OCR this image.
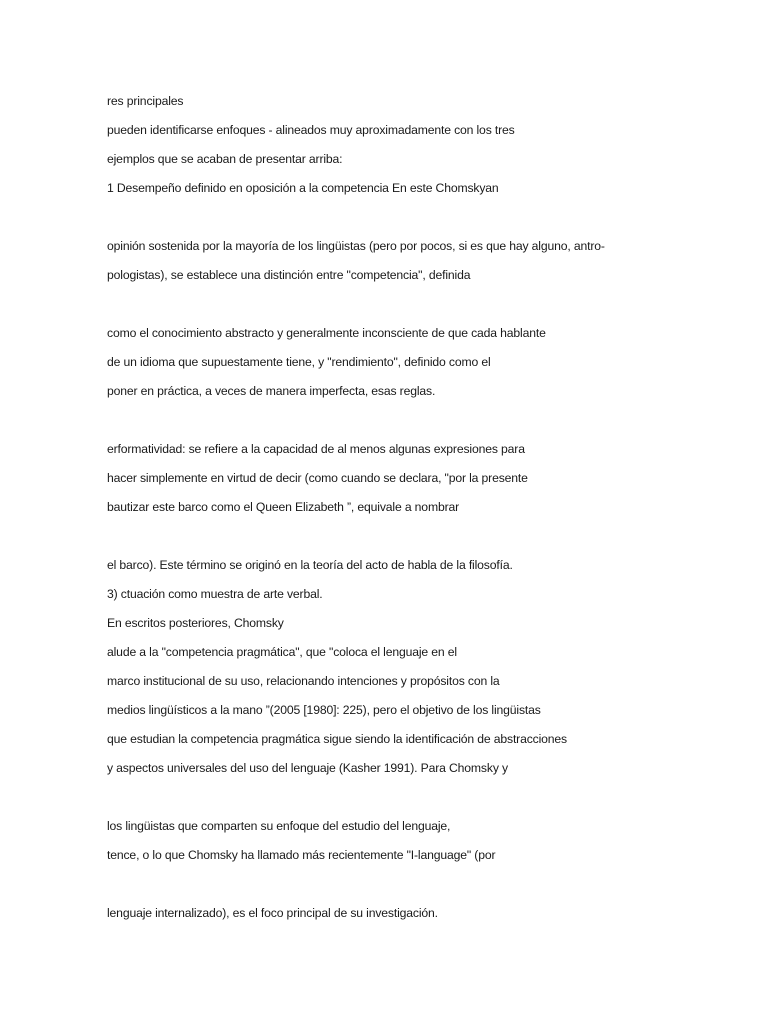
res principales

pueden identificarse enfoques - alineados muy aproximadamente con los tres

ejemplos que se acaban de presentar arriba:

1 Desempeño definido en oposición a la competencia En este Chomskyan

opinión sostenida por la mayoría de los lingüistas (pero por pocos, si es que hay alguno, antro-

pologistas), se establece una distinción entre "competencia", definida

como el conocimiento abstracto y generalmente inconsciente de que cada hablante

de un idioma que supuestamente tiene, y "rendimiento", definido como el

poner en práctica, a veces de manera imperfecta, esas reglas.

erformatividad: se refiere a la capacidad de al menos algunas expresiones para

hacer simplemente en virtud de decir (como cuando se declara, "por la presente

bautizar este barco como el Queen Elizabeth ”, equivale a nombrar

el barco). Este término se originó en la teoría del acto de habla de la filosofía.

3) ctuación como muestra de arte verbal.

En escritos posteriores, Chomsky

alude a la "competencia pragmática", que "coloca el lenguaje en el

marco institucional de su uso, relacionando intenciones y propósitos con la

medios lingüísticos a la mano ”(2005 [1980]: 225), pero el objetivo de los lingüistas

que estudian la competencia pragmática sigue siendo la identificación de abstracciones

y aspectos universales del uso del lenguaje (Kasher 1991). Para Chomsky y

los lingüistas que comparten su enfoque del estudio del lenguaje,

tence, o lo que Chomsky ha llamado más recientemente "I-language" (por

lenguaje internalizado), es el foco principal de su investigación.
